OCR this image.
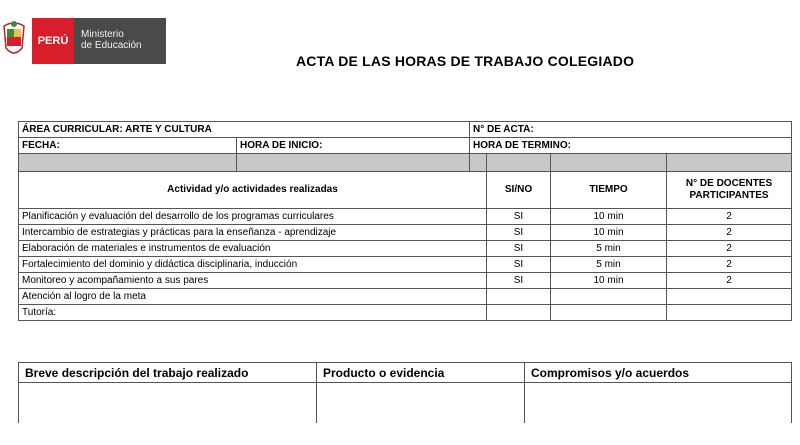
PERÚ
Ministerio
de Educación
ACTA DE LAS HORAS DE TRABAJO COLEGIADO
ÁREA CURRICULAR: ARTE Y CULTURA		N° DE ACTA:			
FECHA:	HORA DE INICIO:	HORA DE TERMINO:			

Actividad y/o actividades realizadas			SI/NO	TIEMPO	N° DE DOCENTES PARTICIPANTES
Planificación y evaluación del desarrollo de los programas curriculares			SI	10 min	2
Intercambio de estrategias y prácticas para la enseñanza - aprendizaje			SI	10 min	2
Elaboración de materiales e instrumentos de evaluación			SI	5 min	2
Fortalecimiento del dominio y didáctica disciplinaria, inducción			SI	5 min	2
Monitoreo y acompañamiento a sus pares			SI	10 min	2
Atención al logro de la meta					
Tutoría:					
Breve descripción del trabajo realizado	Producto o evidencia	Compromisos y/o acuerdos
